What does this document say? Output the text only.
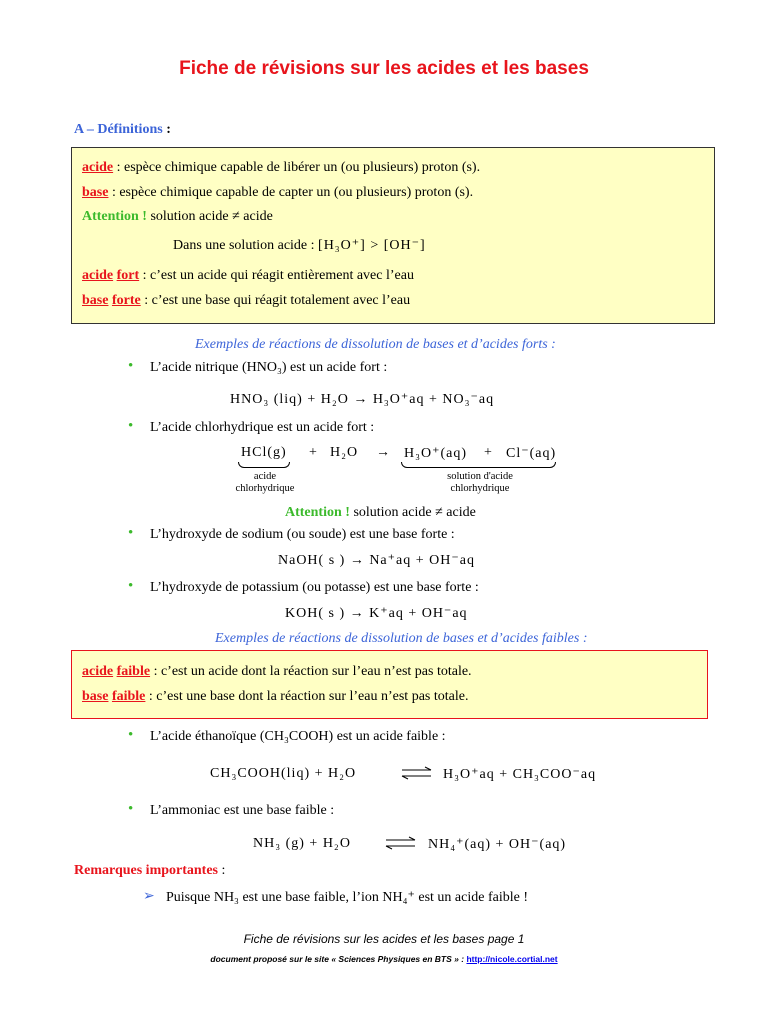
Fiche de révisions sur les acides et les bases
A – Définitions :
acide : espèce chimique capable de libérer un (ou plusieurs) proton (s).
base : espèce chimique capable de capter un (ou plusieurs) proton (s).
Attention ! solution acide ≠ acide
Dans une solution acide : [H₃O⁺] > [OH⁻]
acide fort : c’est un acide qui réagit entièrement avec l’eau
base forte : c’est une base qui réagit totalement avec l’eau
Exemples de réactions de dissolution de bases et d’acides forts :
• L’acide nitrique (HNO₃) est un acide fort :
HNO₃ (liq) + H₂O → H₃O⁺aq + NO₃⁻aq
• L’acide chlorhydrique est un acide fort :
HCl(g) + H₂O → H₃O⁺(aq) + Cl⁻(aq)
acide
chlorhydrique
solution d'acide
chlorhydrique
Attention ! solution acide ≠ acide
• L’hydroxyde de sodium (ou soude) est une base forte :
NaOH( s ) → Na⁺aq + OH⁻aq
• L’hydroxyde de potassium (ou potasse) est une base forte :
KOH( s ) → K⁺aq + OH⁻aq
Exemples de réactions de dissolution de bases et d’acides faibles :
acide faible : c’est un acide dont la réaction sur l’eau n’est pas totale.
base faible : c’est une base dont la réaction sur l’eau n’est pas totale.
• L’acide éthanoïque (CH₃COOH) est un acide faible :
CH₃COOH(liq) + H₂O	⇌ H₃O⁺aq + CH₃COO⁻aq
• L’ammoniac est une base faible :
NH₃ (g) + H₂O ⇌ NH₄⁺(aq) + OH⁻(aq)
Remarques importantes :
➢ Puisque NH₃ est une base faible, l’ion NH₄⁺ est un acide faible !
Fiche de révisions sur les acides et les bases page 1
document proposé sur le site « Sciences Physiques en BTS » : http://nicole.cortial.net
